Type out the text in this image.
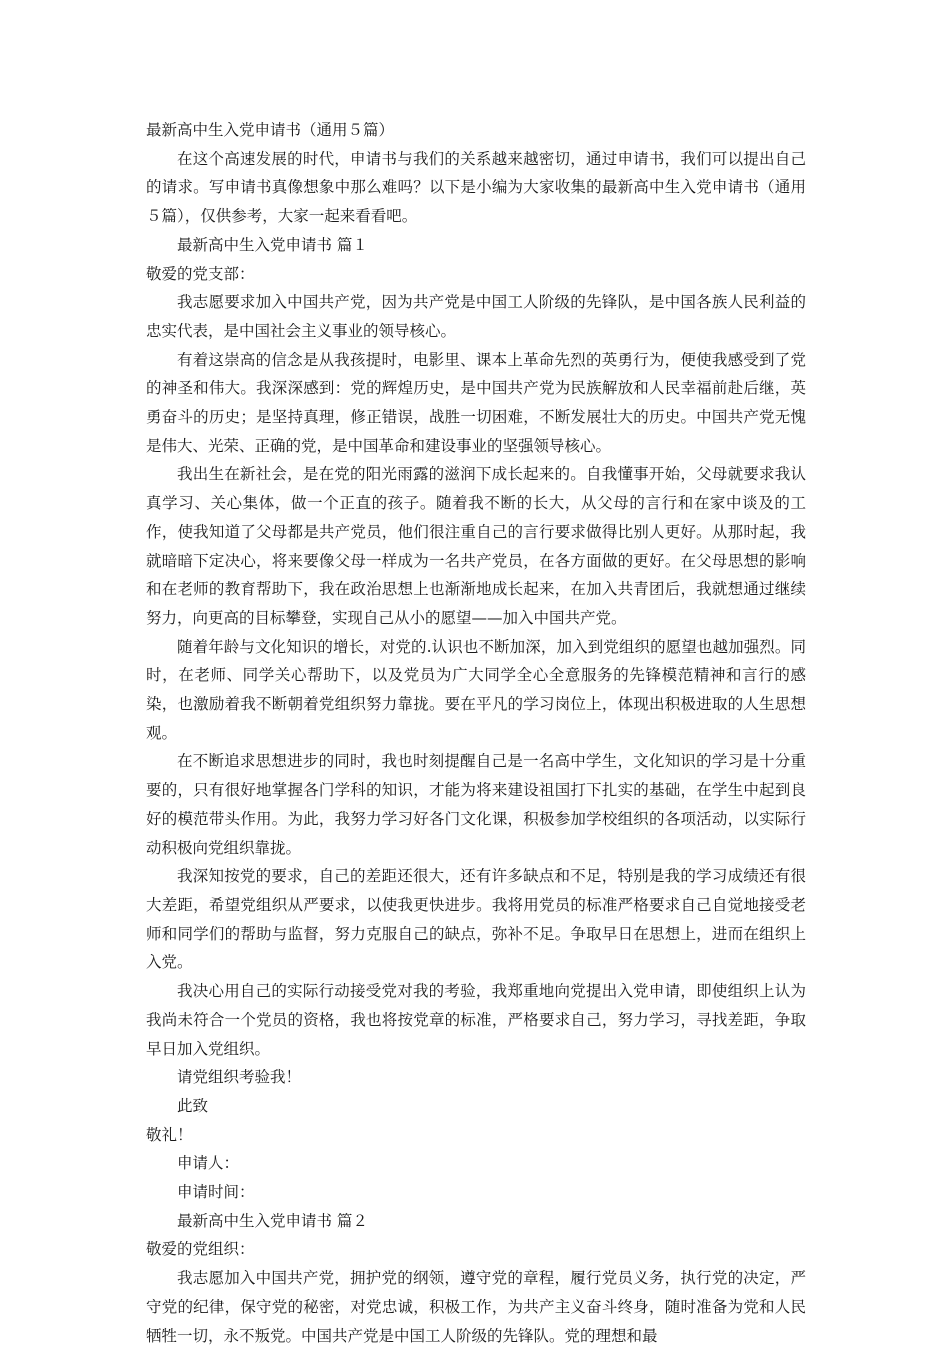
最新高中生入党申请书（通用５篇）

在这个高速发展的时代，申请书与我们的关系越来越密切，通过申请书，我们可以提出自己的请求。写申请书真像想象中那么难吗？以下是小编为大家收集的最新高中生入党申请书（通用５篇），仅供参考，大家一起来看看吧。

最新高中生入党申请书 篇１

敬爱的党支部：

我志愿要求加入中国共产党，因为共产党是中国工人阶级的先锋队，是中国各族人民利益的忠实代表，是中国社会主义事业的领导核心。

有着这崇高的信念是从我孩提时，电影里、课本上革命先烈的英勇行为，便使我感受到了党的神圣和伟大。我深深感到：党的辉煌历史，是中国共产党为民族解放和人民幸福前赴后继，英勇奋斗的历史；是坚持真理，修正错误，战胜一切困难，不断发展壮大的历史。中国共产党无愧是伟大、光荣、正确的党，是中国革命和建设事业的坚强领导核心。

我出生在新社会，是在党的阳光雨露的滋润下成长起来的。自我懂事开始，父母就要求我认真学习、关心集体，做一个正直的孩子。随着我不断的长大，从父母的言行和在家中谈及的工作，使我知道了父母都是共产党员，他们很注重自己的言行要求做得比别人更好。从那时起，我就暗暗下定决心，将来要像父母一样成为一名共产党员，在各方面做的更好。在父母思想的影响和在老师的教育帮助下，我在政治思想上也渐渐地成长起来，在加入共青团后，我就想通过继续努力，向更高的目标攀登，实现自己从小的愿望——加入中国共产党。

随着年龄与文化知识的增长，对党的.认识也不断加深，加入到党组织的愿望也越加强烈。同时，在老师、同学关心帮助下，以及党员为广大同学全心全意服务的先锋模范精神和言行的感染，也激励着我不断朝着党组织努力靠拢。要在平凡的学习岗位上，体现出积极进取的人生思想观。

在不断追求思想进步的同时，我也时刻提醒自己是一名高中学生，文化知识的学习是十分重要的，只有很好地掌握各门学科的知识，才能为将来建设祖国打下扎实的基础，在学生中起到良好的模范带头作用。为此，我努力学习好各门文化课，积极参加学校组织的各项活动，以实际行动积极向党组织靠拢。

我深知按党的要求，自己的差距还很大，还有许多缺点和不足，特别是我的学习成绩还有很大差距，希望党组织从严要求，以使我更快进步。我将用党员的标准严格要求自己自觉地接受老师和同学们的帮助与监督，努力克服自己的缺点，弥补不足。争取早日在思想上，进而在组织上入党。

我决心用自己的实际行动接受党对我的考验，我郑重地向党提出入党申请，即使组织上认为我尚未符合一个党员的资格，我也将按党章的标准，严格要求自己，努力学习，寻找差距，争取早日加入党组织。

请党组织考验我！

此致

敬礼！

申请人：

申请时间：

最新高中生入党申请书 篇２

敬爱的党组织：

我志愿加入中国共产党，拥护党的纲领，遵守党的章程，履行党员义务，执行党的决定，严守党的纪律，保守党的秘密，对党忠诚，积极工作，为共产主义奋斗终身，随时准备为党和人民牺牲一切，永不叛党。中国共产党是中国工人阶级的先锋队。党的理想和最
